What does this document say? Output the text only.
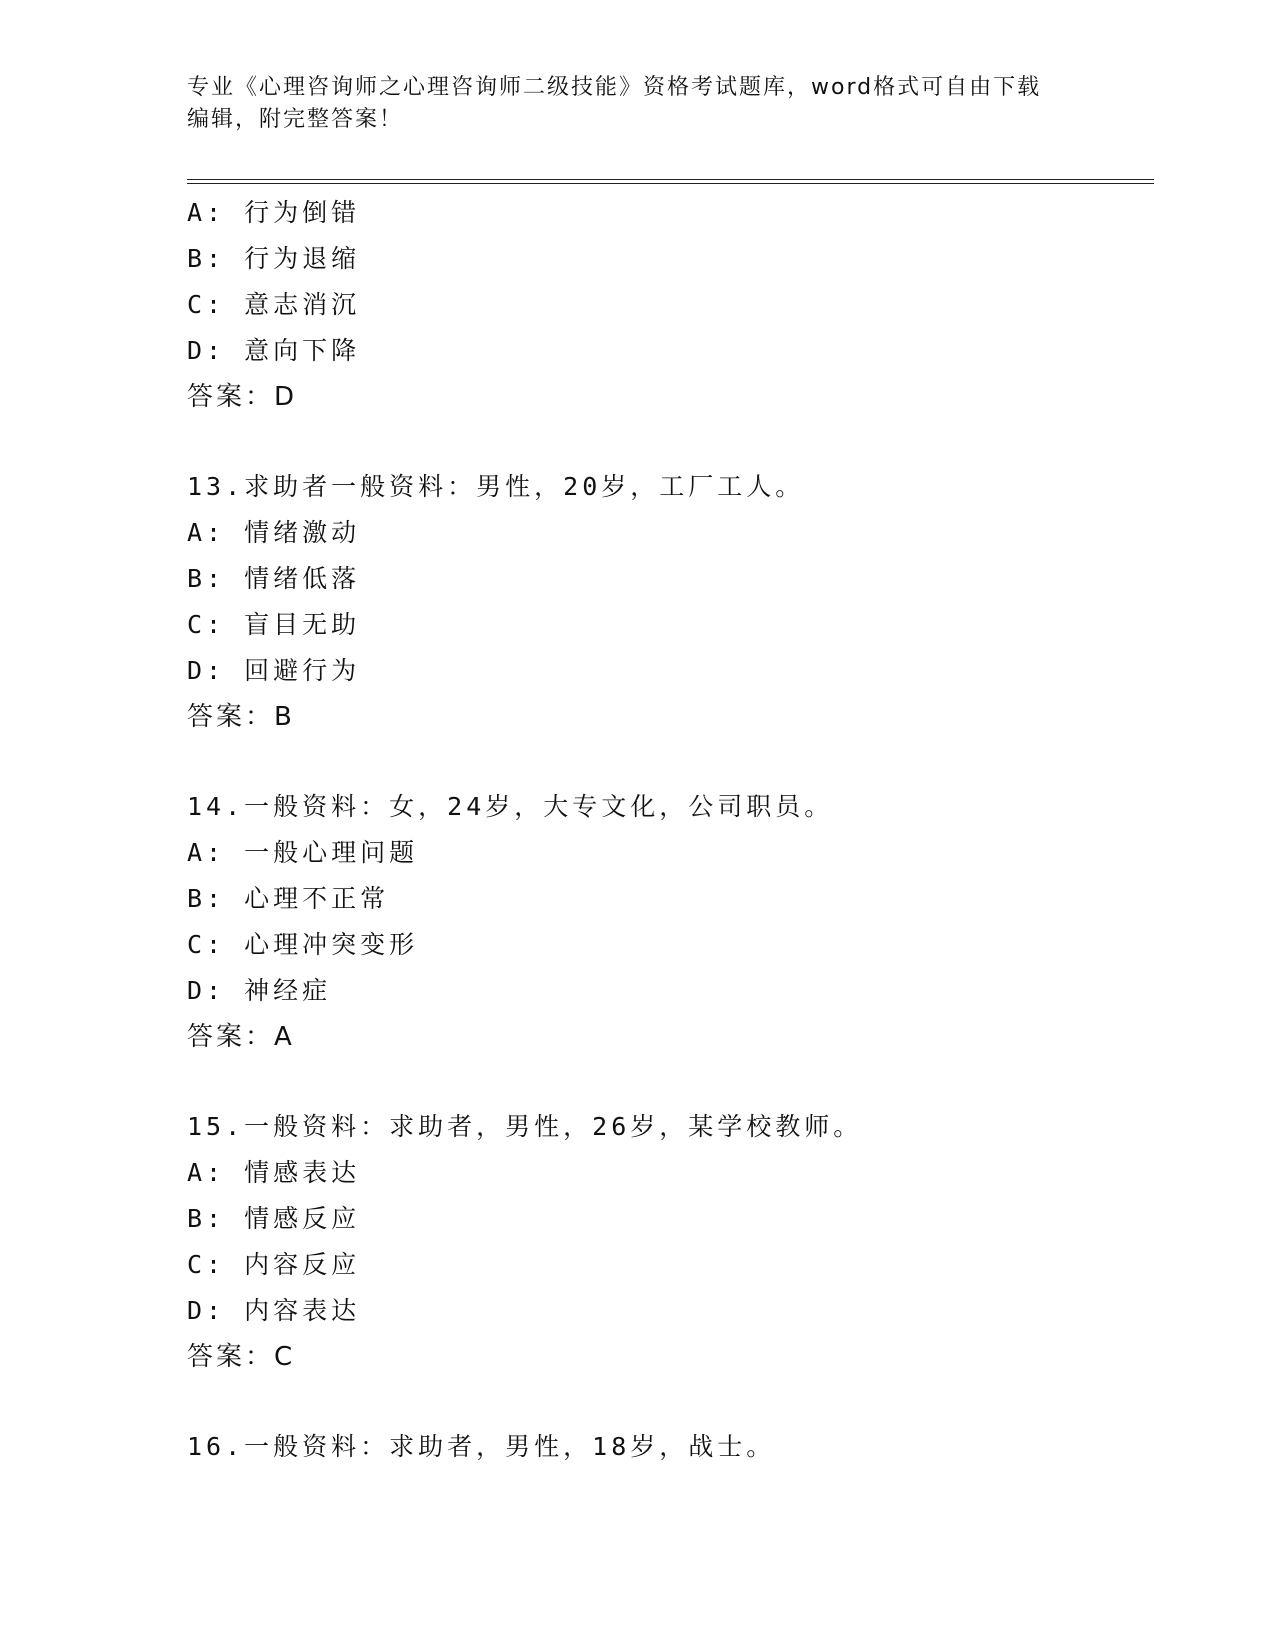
专业《心理咨询师之心理咨询师二级技能》资格考试题库，word格式可自由下载
编辑，附完整答案！
A: 行为倒错
B: 行为退缩
C: 意志消沉
D: 意向下降
答案：D
13.求助者一般资料：男性，20岁，工厂工人。
A: 情绪激动
B: 情绪低落
C: 盲目无助
D: 回避行为
答案：B
14.一般资料：女，24岁，大专文化，公司职员。
A: 一般心理问题
B: 心理不正常
C: 心理冲突变形
D: 神经症
答案：A
15.一般资料：求助者，男性，26岁，某学校教师。
A: 情感表达
B: 情感反应
C: 内容反应
D: 内容表达
答案：C
16.一般资料：求助者，男性，18岁，战士。
